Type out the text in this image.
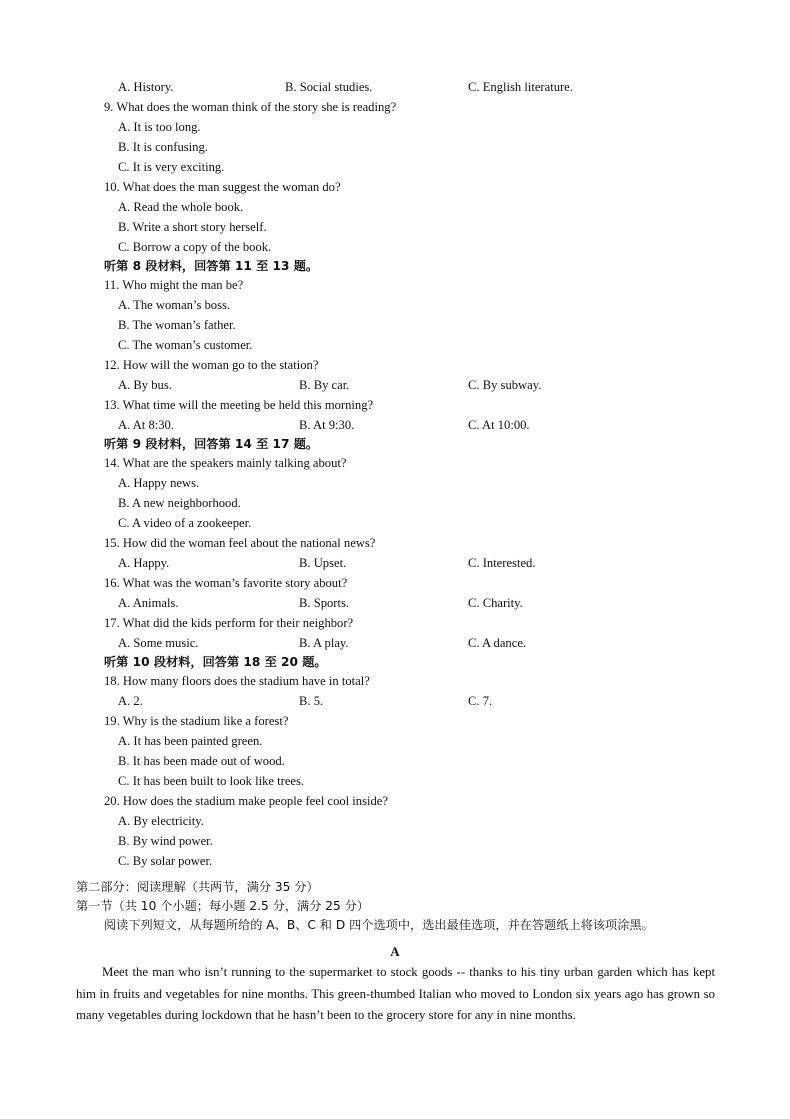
A. History.	B. Social studies.	C. English literature.
9. What does the woman think of the story she is reading?
A. It is too long.
B. It is confusing.
C. It is very exciting.
10. What does the man suggest the woman do?
A. Read the whole book.
B. Write a short story herself.
C. Borrow a copy of the book.
听第 8 段材料，回答第 11 至 13 题。
11. Who might the man be?
A. The woman’s boss.
B. The woman’s father.
C. The woman’s customer.
12. How will the woman go to the station?
A. By bus.	B. By car.	C. By subway.
13. What time will the meeting be held this morning?
A. At 8:30.	B. At 9:30.	C. At 10:00.
听第 9 段材料，回答第 14 至 17 题。
14. What are the speakers mainly talking about?
A. Happy news.
B. A new neighborhood.
C. A video of a zookeeper.
15. How did the woman feel about the national news?
A. Happy.	B. Upset.	C. Interested.
16. What was the woman’s favorite story about?
A. Animals.	B. Sports.	C. Charity.
17. What did the kids perform for their neighbor?
A. Some music.	B. A play.	C. A dance.
听第 10 段材料，回答第 18 至 20 题。
18. How many floors does the stadium have in total?
A. 2.	B. 5.	C. 7.
19. Why is the stadium like a forest?
A. It has been painted green.
B. It has been made out of wood.
C. It has been built to look like trees.
20. How does the stadium make people feel cool inside?
A. By electricity.
B. By wind power.
C. By solar power.
第二部分：阅读理解（共两节，满分 35 分）
第一节（共 10 个小题；每小题 2.5 分，满分 25 分）
阅读下列短文，从每题所给的 A、B、C 和 D 四个选项中，选出最佳选项，并在答题纸上将该项涂黑。
A
Meet the man who isn’t running to the supermarket to stock goods -- thanks to his tiny urban garden which has kept him in fruits and vegetables for nine months. This green-thumbed Italian who moved to London six years ago has grown so many vegetables during lockdown that he hasn’t been to the grocery store for any in nine months.
